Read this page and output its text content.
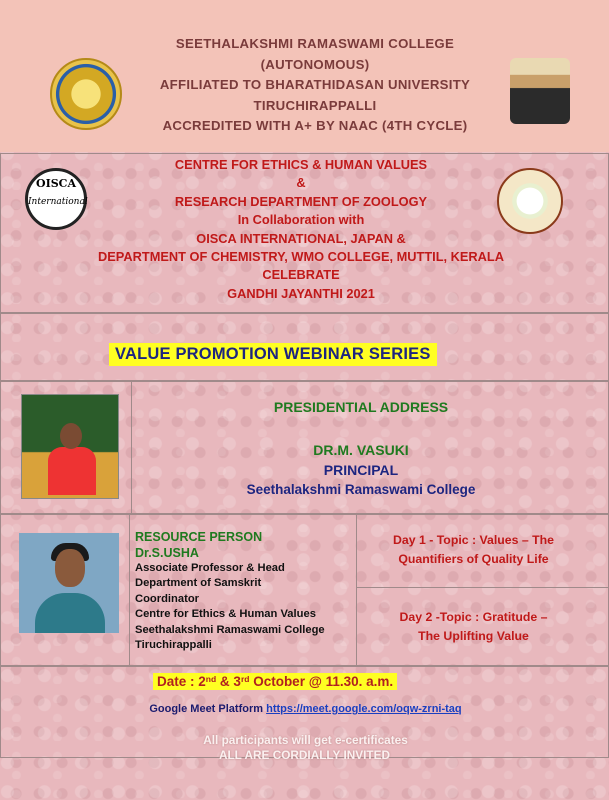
SEETHALAKSHMI RAMASWAMI COLLEGE
(AUTONOMOUS)
AFFILIATED TO BHARATHIDASAN UNIVERSITY
TIRUCHIRAPPALLI
ACCREDITED WITH A+ BY NAAC (4TH CYCLE)
OISCA
International
CENTRE FOR ETHICS & HUMAN VALUES
&
RESEARCH DEPARTMENT OF ZOOLOGY
In Collaboration with
OISCA INTERNATIONAL, JAPAN &
DEPARTMENT OF CHEMISTRY, WMO COLLEGE, MUTTIL, KERALA
CELEBRATE
GANDHI JAYANTHI 2021
VALUE PROMOTION WEBINAR SERIES
PRESIDENTIAL ADDRESS
DR.M. VASUKI
PRINCIPAL
Seethalakshmi Ramaswami College
RESOURCE PERSON
Dr.S.USHA
Associate Professor & Head
Department of Samskrit
Coordinator
Centre for Ethics & Human Values
Seethalakshmi Ramaswami College
Tiruchirappalli
Day 1 - Topic : Values – The
Quantifiers of Quality Life
Day 2 -Topic : Gratitude –
The Uplifting Value
Date : 2nd & 3rd October @ 11.30. a.m.
Google Meet Platform https://meet.google.com/oqw-zrni-taq
All participants will get e-certificates
ALL ARE CORDIALLY INVITED
